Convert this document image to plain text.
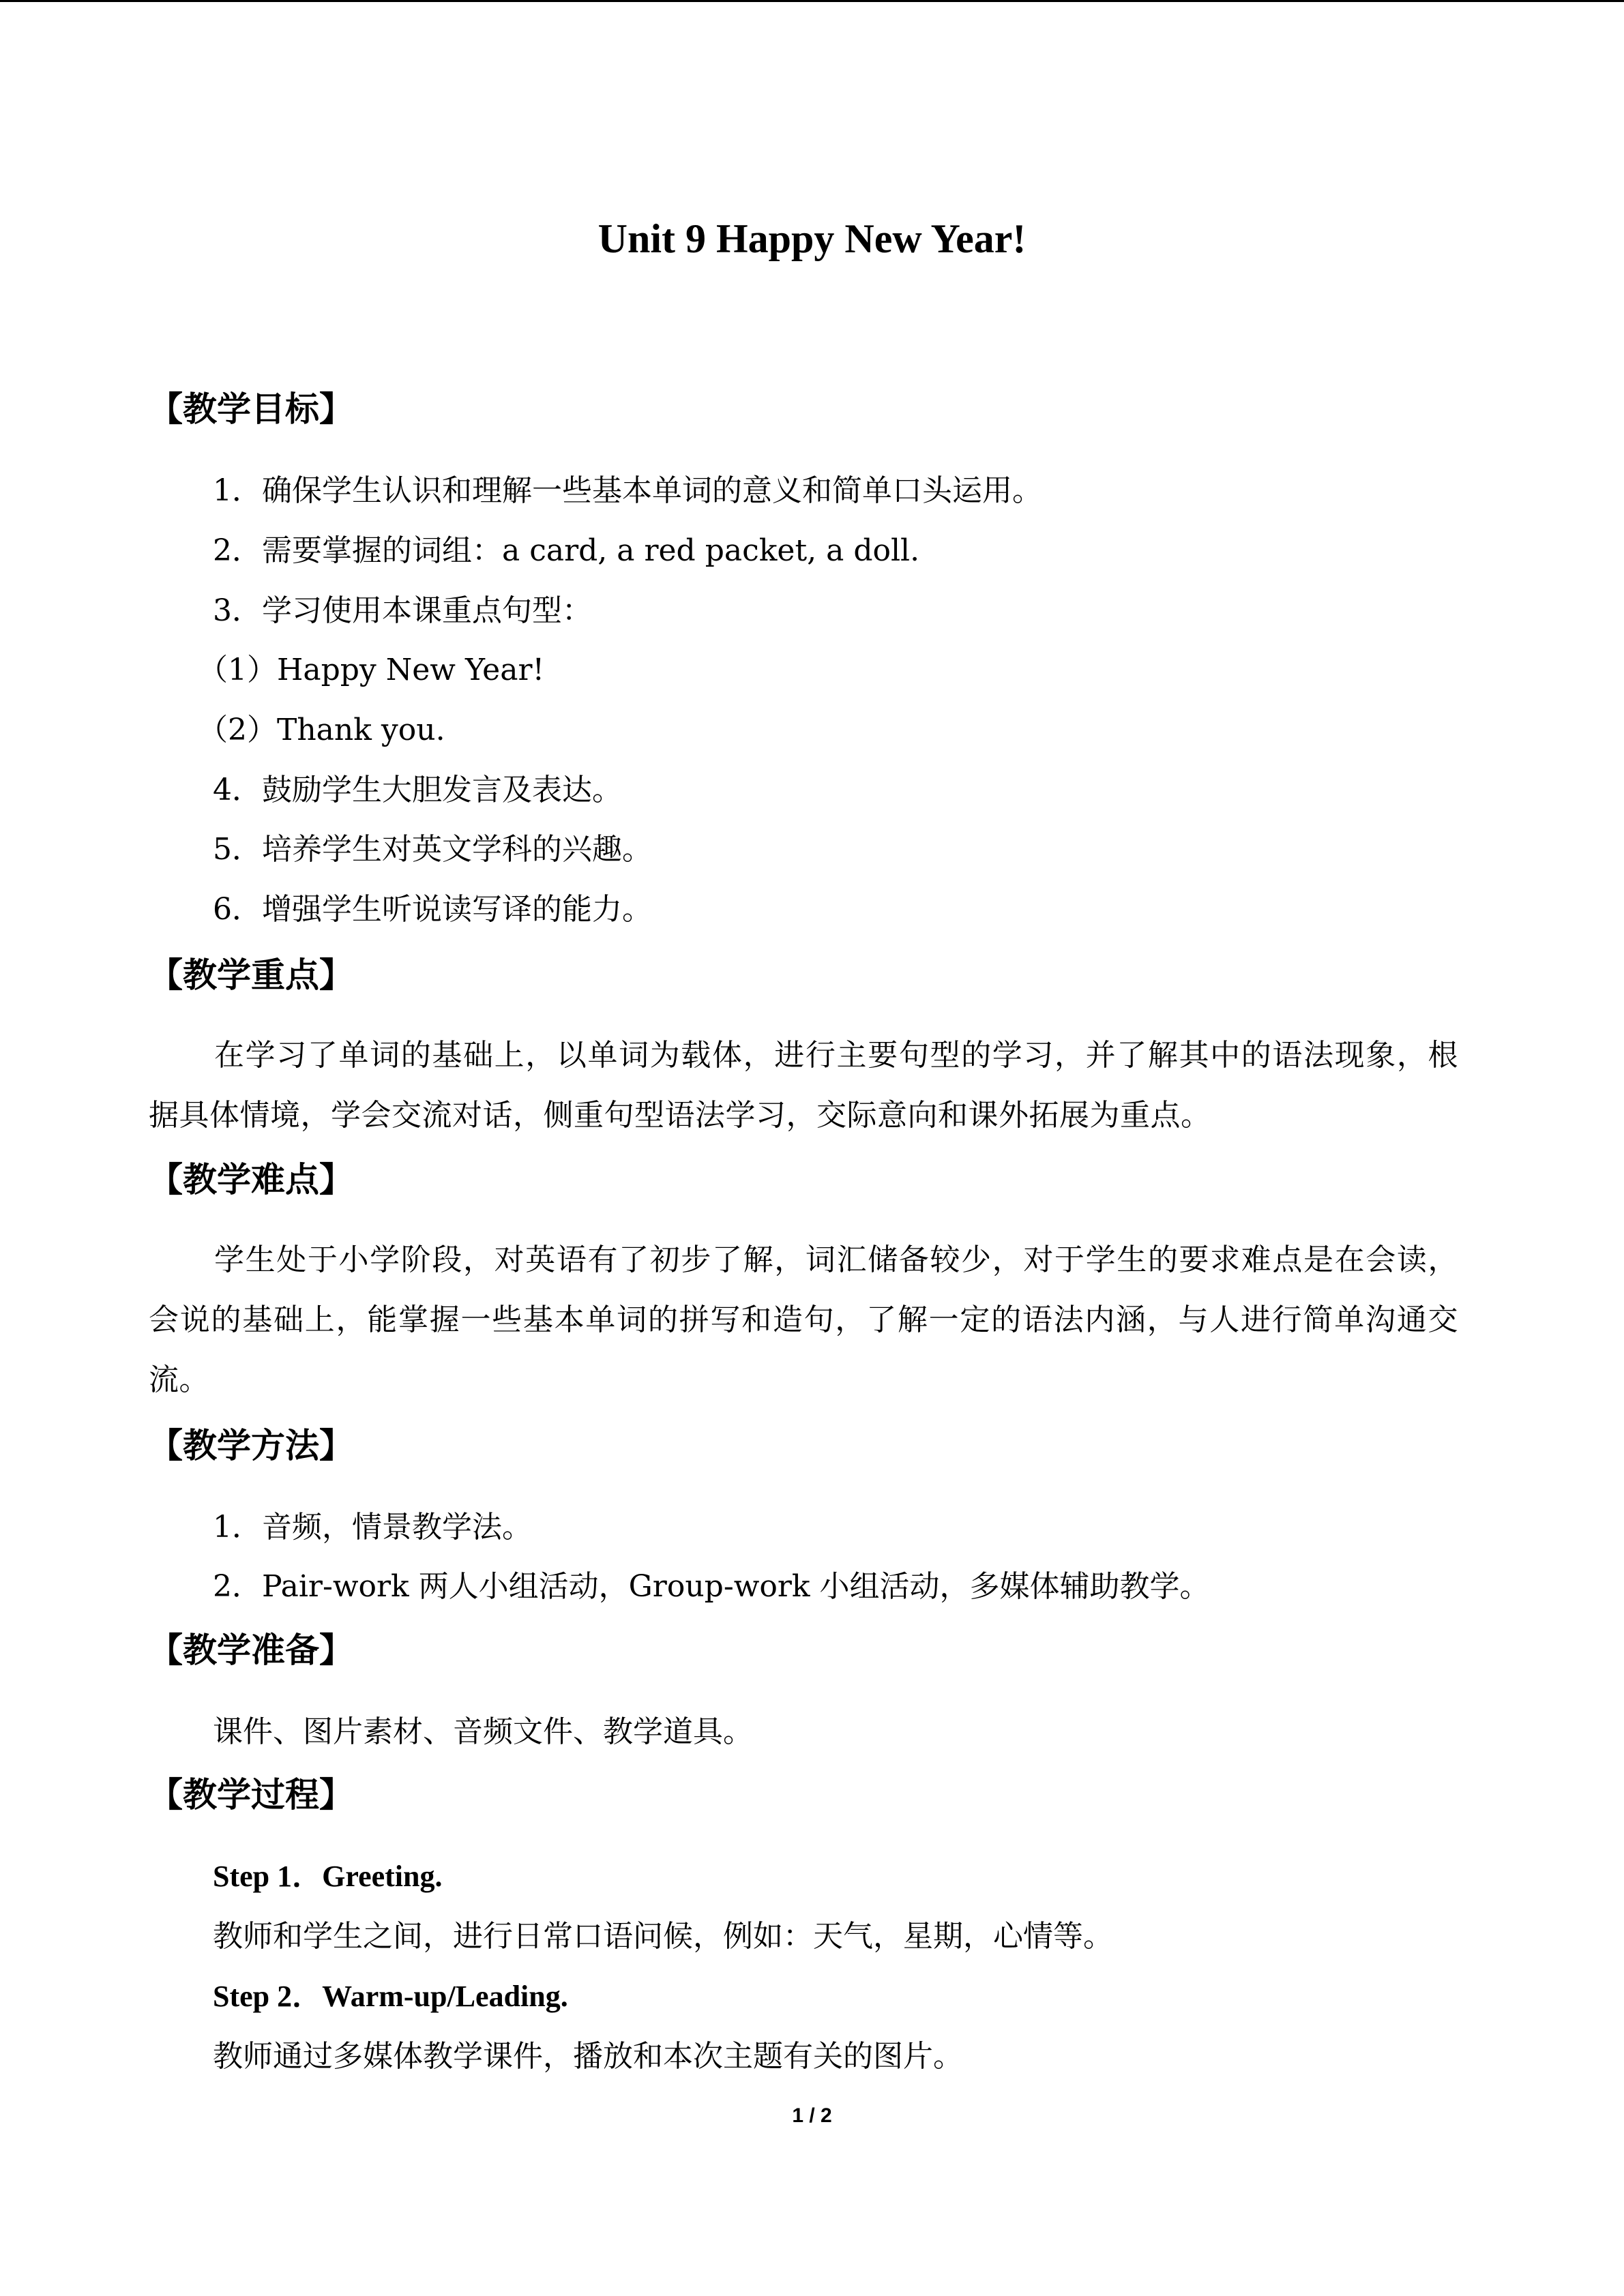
Unit 9 Happy New Year!
【教学目标】
1．确保学生认识和理解一些基本单词的意义和简单口头运用。
2．需要掌握的词组：a card, a red packet, a doll.
3．学习使用本课重点句型：
（1）Happy New Year!
（2）Thank you.
4．鼓励学生大胆发言及表达。
5．培养学生对英文学科的兴趣。
6．增强学生听说读写译的能力。
【教学重点】
在学习了单词的基础上，以单词为载体，进行主要句型的学习，并了解其中的语法现象，根据具体情境，学会交流对话，侧重句型语法学习，交际意向和课外拓展为重点。
【教学难点】
学生处于小学阶段，对英语有了初步了解，词汇储备较少，对于学生的要求难点是在会读，会说的基础上，能掌握一些基本单词的拼写和造句，了解一定的语法内涵，与人进行简单沟通交流。
【教学方法】
1．音频，情景教学法。
2．Pair-work 两人小组活动，Group-work 小组活动，多媒体辅助教学。
【教学准备】
课件、图片素材、音频文件、教学道具。
【教学过程】
Step 1．Greeting.
教师和学生之间，进行日常口语问候，例如：天气，星期，心情等。
Step 2．Warm-up/Leading.
教师通过多媒体教学课件，播放和本次主题有关的图片。
1 / 2
